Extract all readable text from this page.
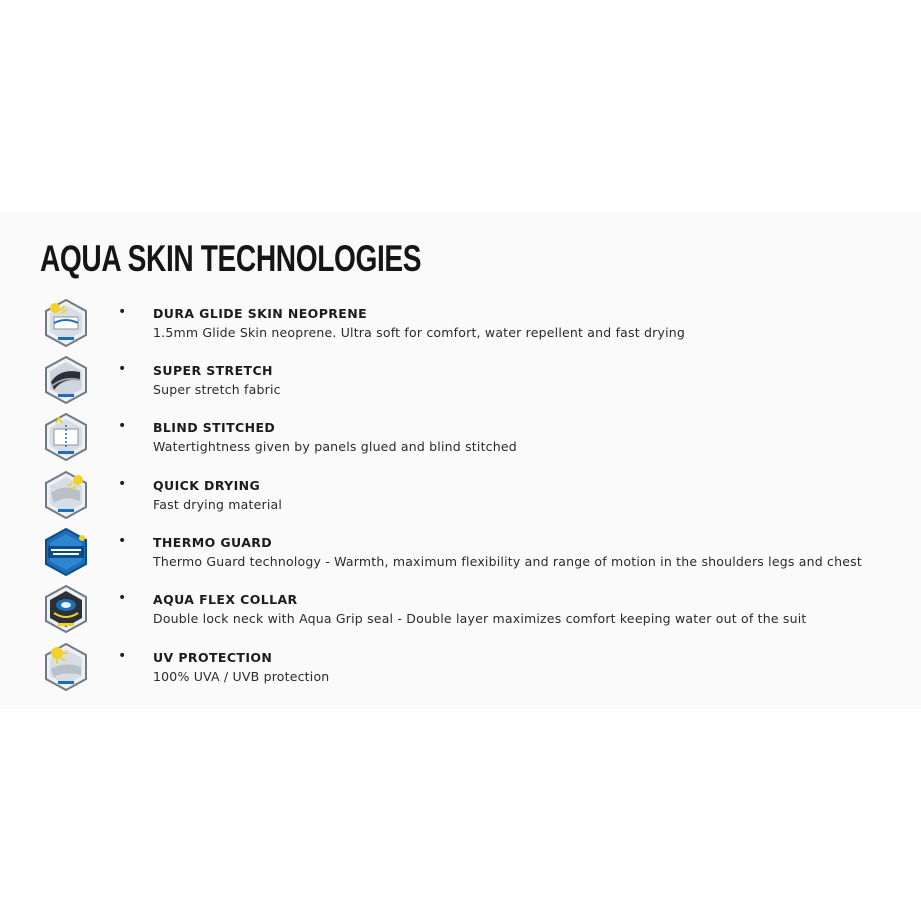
AQUA SKIN TECHNOLOGIES
• DURA GLIDE SKIN NEOPRENE
1.5mm Glide Skin neoprene. Ultra soft for comfort, water repellent and fast drying
• SUPER STRETCH
Super stretch fabric
• BLIND STITCHED
Watertightness given by panels glued and blind stitched
• QUICK DRYING
Fast drying material
• THERMO GUARD
Thermo Guard technology - Warmth, maximum flexibility and range of motion in the shoulders legs and chest
• AQUA FLEX COLLAR
Double lock neck with Aqua Grip seal - Double layer maximizes comfort keeping water out of the suit
• UV PROTECTION
100% UVA / UVB protection
